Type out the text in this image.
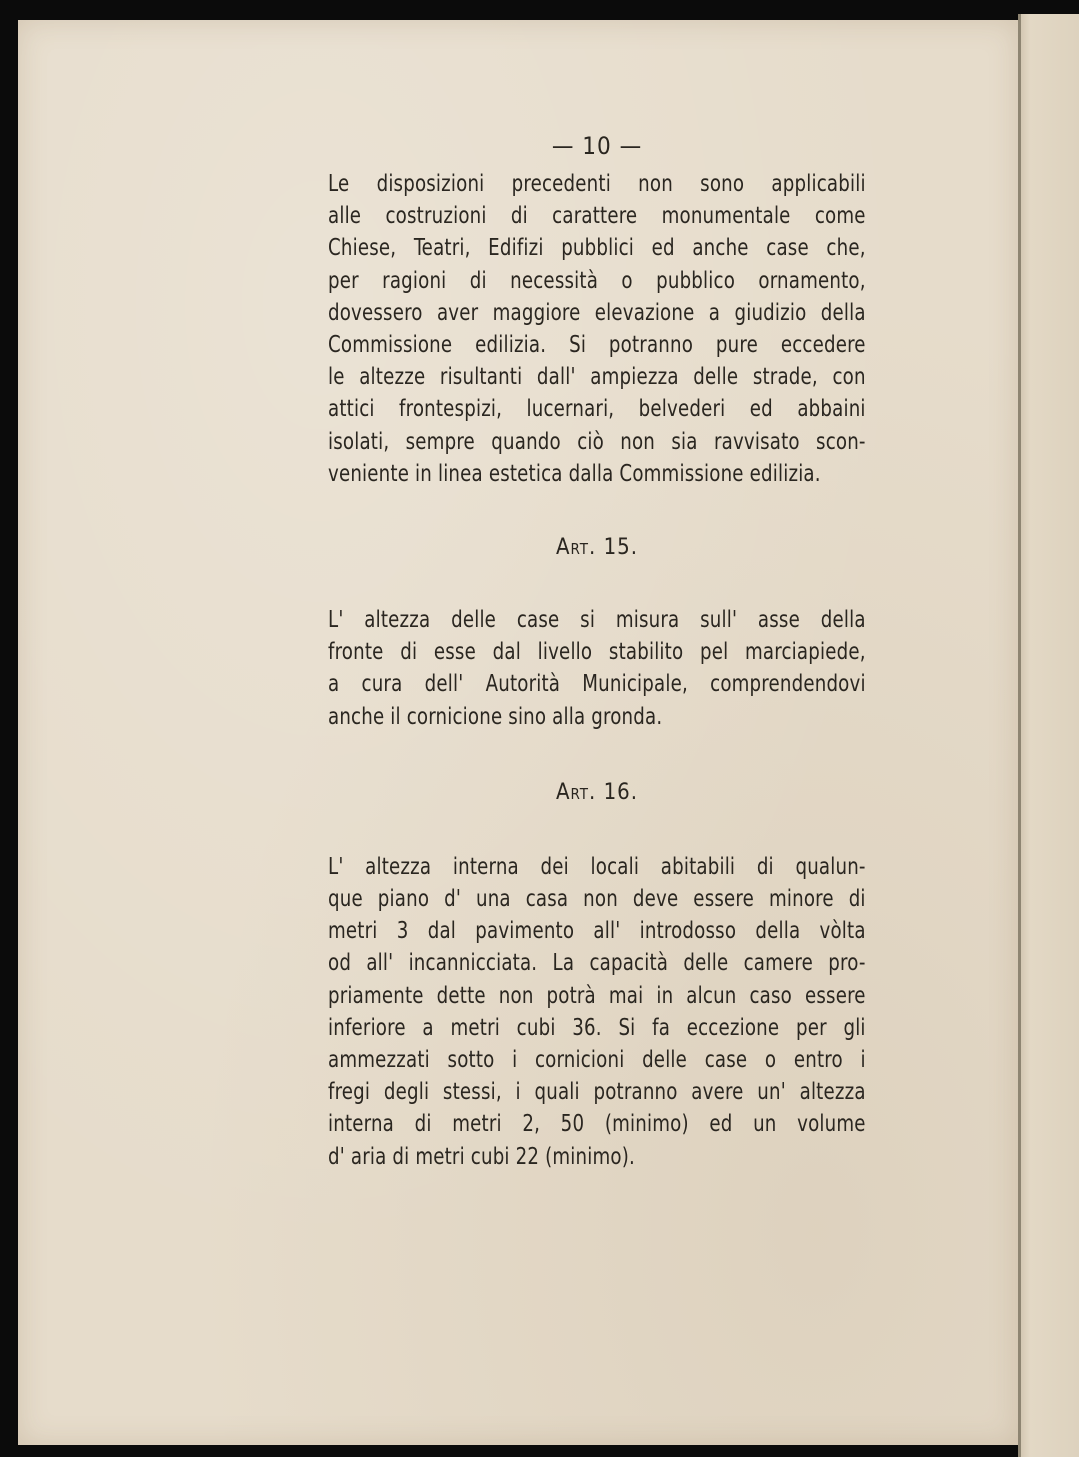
— 10 —

Le disposizioni precedenti non sono applicabili
alle costruzioni di carattere monumentale come
Chiese, Teatri, Edifizi pubblici ed anche case che,
per ragioni di necessità o pubblico ornamento,
dovessero aver maggiore elevazione a giudizio della
Commissione edilizia. Si potranno pure eccedere
le altezze risultanti dall' ampiezza delle strade, con
attici frontespizi, lucernari, belvederi ed abbaini
isolati, sempre quando ciò non sia ravvisato scon-
veniente in linea estetica dalla Commissione edilizia.

Art. 15.

L' altezza delle case si misura sull' asse della
fronte di esse dal livello stabilito pel marciapiede,
a cura dell' Autorità Municipale, comprendendovi
anche il cornicione sino alla gronda.

Art. 16.

L' altezza interna dei locali abitabili di qualun-
que piano d' una casa non deve essere minore di
metri 3 dal pavimento all' introdosso della vòlta
od all' incannicciata. La capacità delle camere pro-
priamente dette non potrà mai in alcun caso essere
inferiore a metri cubi 36. Si fa eccezione per gli
ammezzati sotto i cornicioni delle case o entro i
fregi degli stessi, i quali potranno avere un' altezza
interna di metri 2, 50 (minimo) ed un volume
d' aria di metri cubi 22 (minimo).
